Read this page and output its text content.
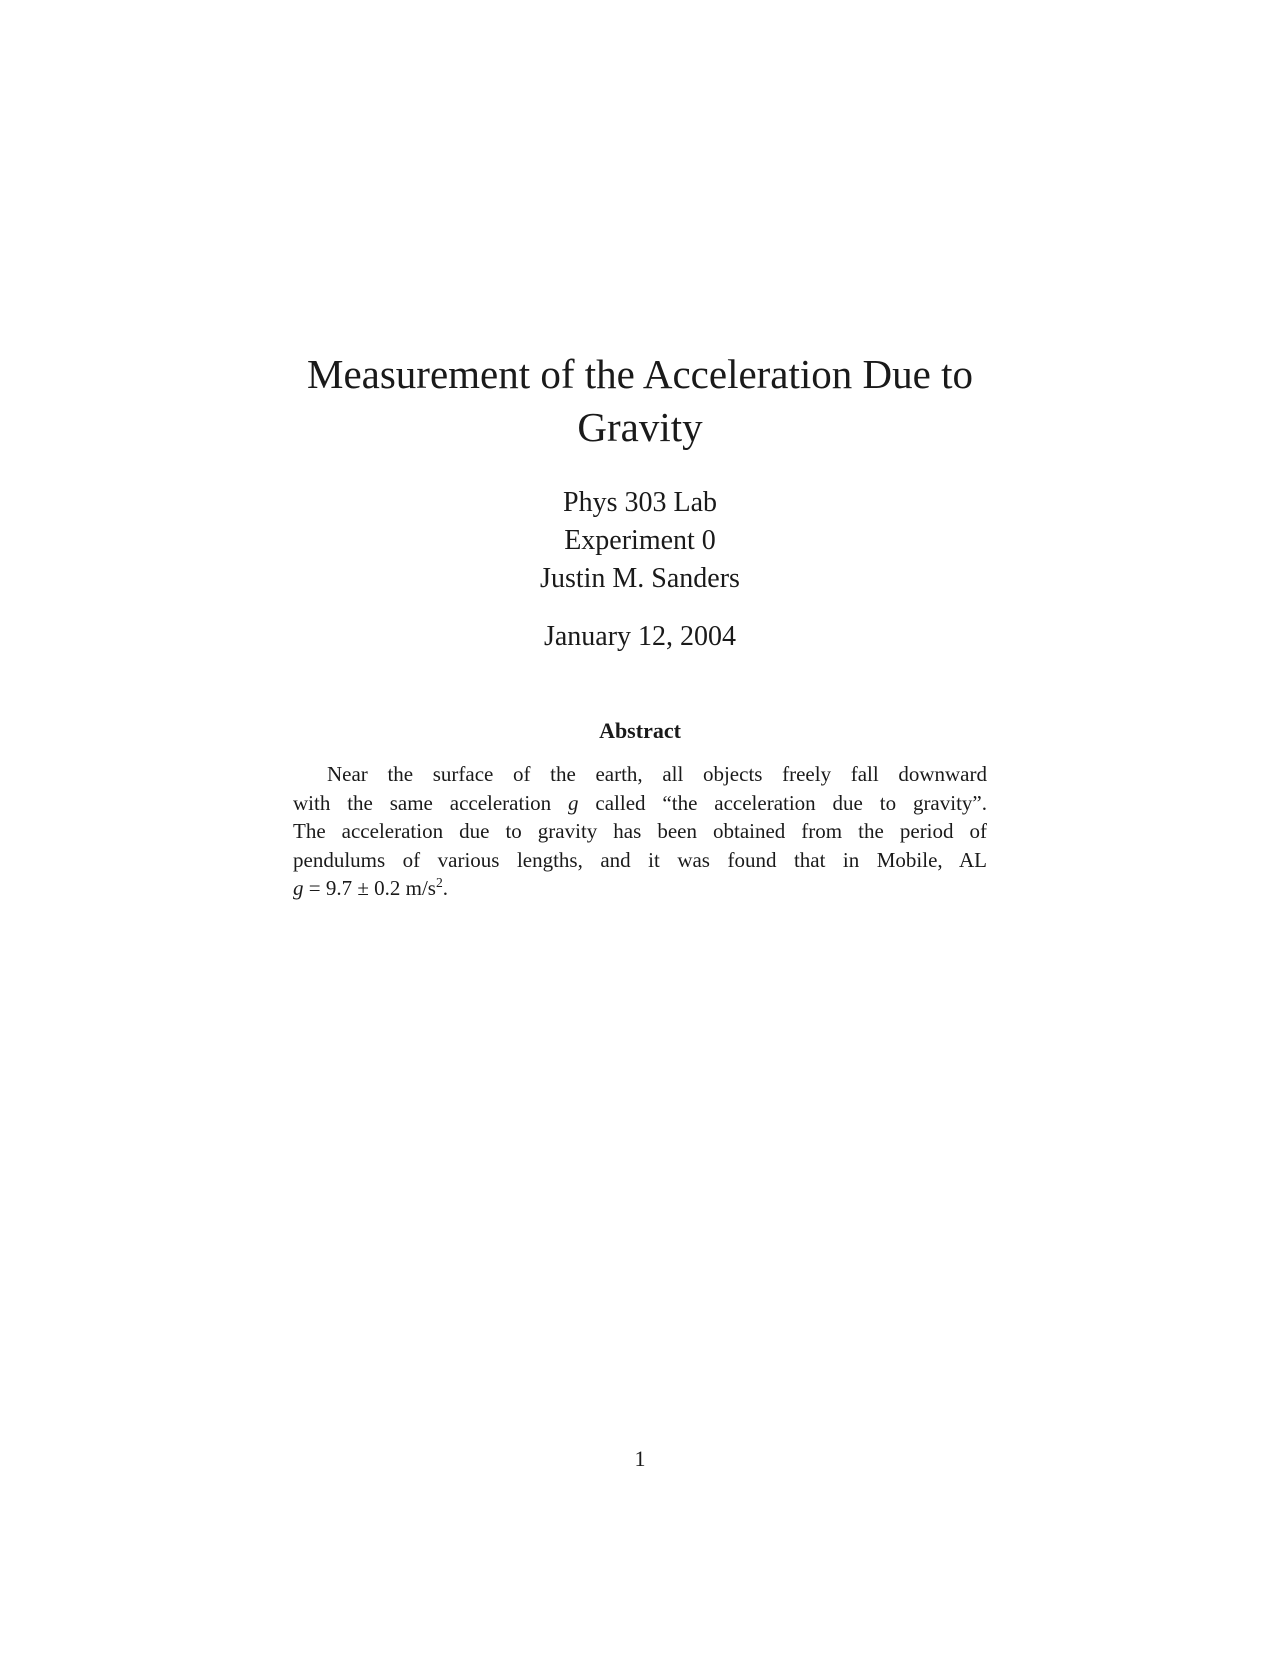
Measurement of the Acceleration Due to
Gravity
Phys 303 Lab
Experiment 0
Justin M. Sanders
January 12, 2004
Abstract
Near the surface of the earth, all objects freely fall downward
with the same acceleration g called “the acceleration due to gravity”.
The acceleration due to gravity has been obtained from the period of
pendulums of various lengths, and it was found that in Mobile, AL
g = 9.7 ± 0.2 $m/s^2$.
1
